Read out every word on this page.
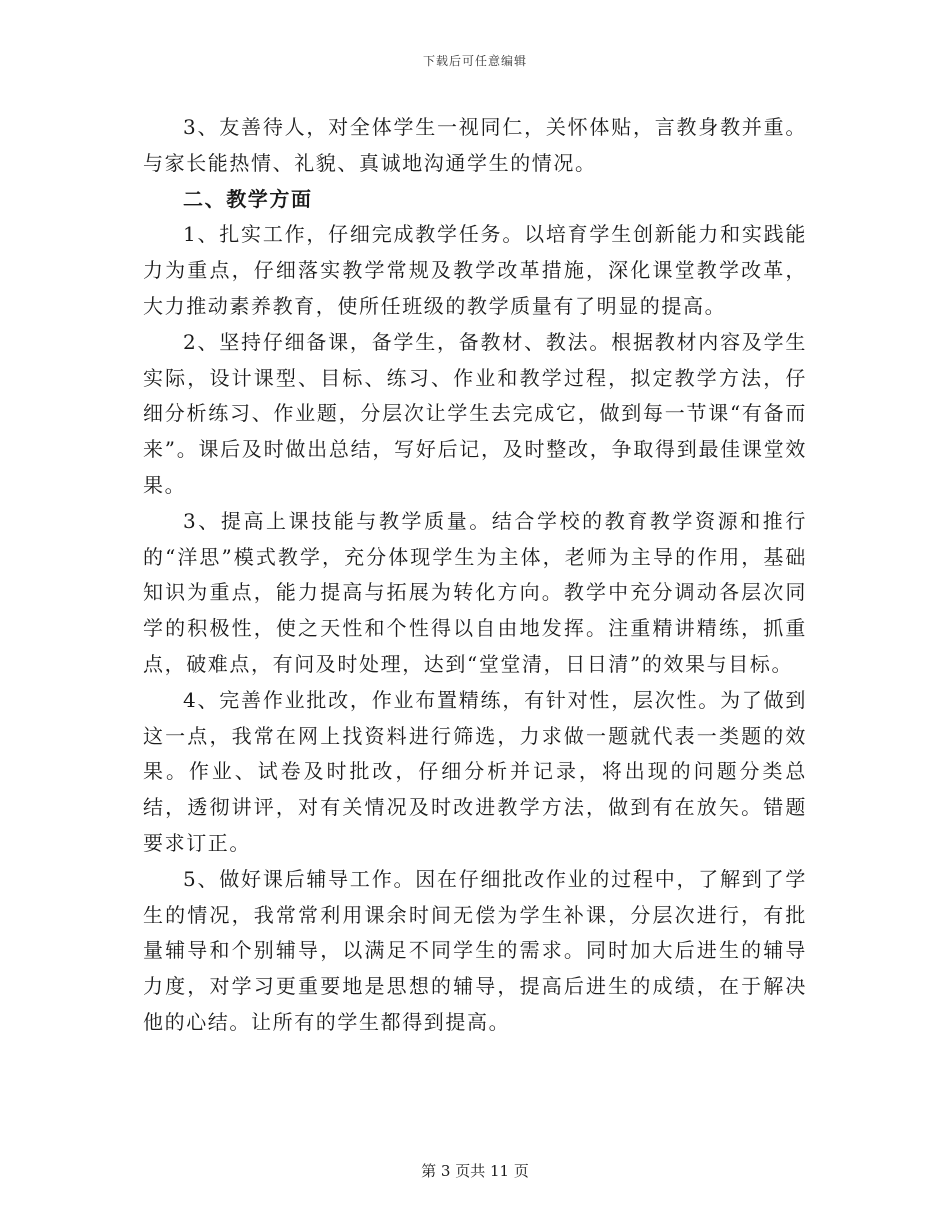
下载后可任意编辑

3、友善待人，对全体学生一视同仁，关怀体贴，言教身教并重。与家长能热情、礼貌、真诚地沟通学生的情况。

二、教学方面

1、扎实工作，仔细完成教学任务。以培育学生创新能力和实践能力为重点，仔细落实教学常规及教学改革措施，深化课堂教学改革，大力推动素养教育，使所任班级的教学质量有了明显的提高。

2、坚持仔细备课，备学生，备教材、教法。根据教材内容及学生实际，设计课型、目标、练习、作业和教学过程，拟定教学方法，仔细分析练习、作业题，分层次让学生去完成它，做到每一节课“有备而来”。课后及时做出总结，写好后记，及时整改，争取得到最佳课堂效果。

3、提高上课技能与教学质量。结合学校的教育教学资源和推行的“洋思”模式教学，充分体现学生为主体，老师为主导的作用，基础知识为重点，能力提高与拓展为转化方向。教学中充分调动各层次同学的积极性，使之天性和个性得以自由地发挥。注重精讲精练，抓重点，破难点，有问及时处理，达到“堂堂清，日日清”的效果与目标。

4、完善作业批改，作业布置精练，有针对性，层次性。为了做到这一点，我常在网上找资料进行筛选，力求做一题就代表一类题的效果。作业、试卷及时批改，仔细分析并记录，将出现的问题分类总结，透彻讲评，对有关情况及时改进教学方法，做到有在放矢。错题要求订正。

5、做好课后辅导工作。因在仔细批改作业的过程中，了解到了学生的情况，我常常利用课余时间无偿为学生补课，分层次进行，有批量辅导和个别辅导，以满足不同学生的需求。同时加大后进生的辅导力度，对学习更重要地是思想的辅导，提高后进生的成绩，在于解决他的心结。让所有的学生都得到提高。

第 3 页共 11 页
